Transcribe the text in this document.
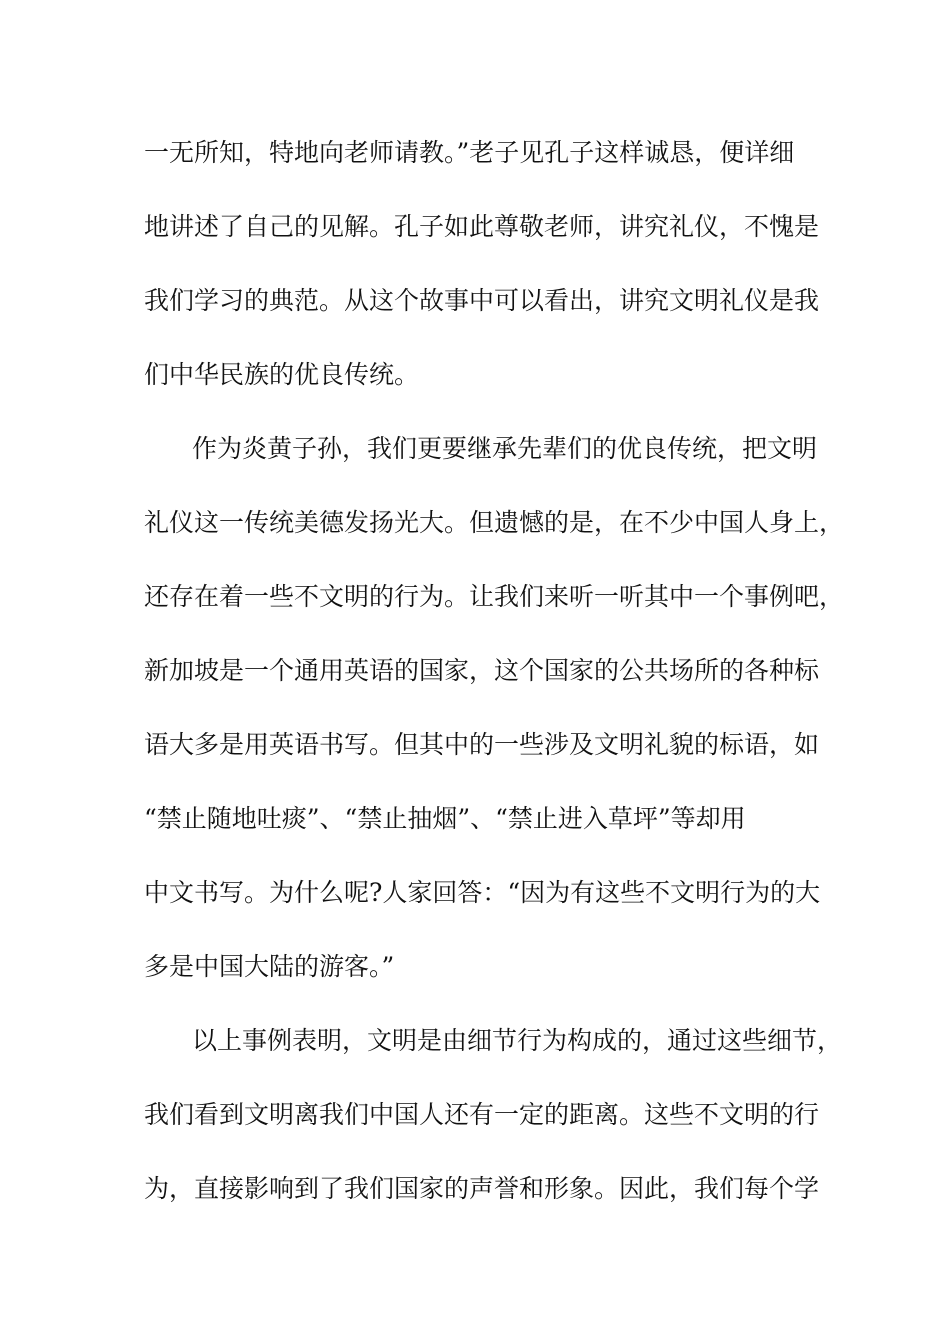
一无所知，特地向老师请教。”老子见孔子这样诚恳，便详细

地讲述了自己的见解。孔子如此尊敬老师，讲究礼仪，不愧是

我们学习的典范。从这个故事中可以看出，讲究文明礼仪是我

们中华民族的优良传统。

作为炎黄子孙，我们更要继承先辈们的优良传统，把文明

礼仪这一传统美德发扬光大。但遗憾的是，在不少中国人身上，

还存在着一些不文明的行为。让我们来听一听其中一个事例吧，

新加坡是一个通用英语的国家，这个国家的公共场所的各种标

语大多是用英语书写。但其中的一些涉及文明礼貌的标语，如

“禁止随地吐痰”、“禁止抽烟”、“禁止进入草坪”等却用

中文书写。为什么呢?人家回答：“因为有这些不文明行为的大

多是中国大陆的游客。”

以上事例表明，文明是由细节行为构成的，通过这些细节，

我们看到文明离我们中国人还有一定的距离。这些不文明的行

为，直接影响到了我们国家的声誉和形象。因此，我们每个学
